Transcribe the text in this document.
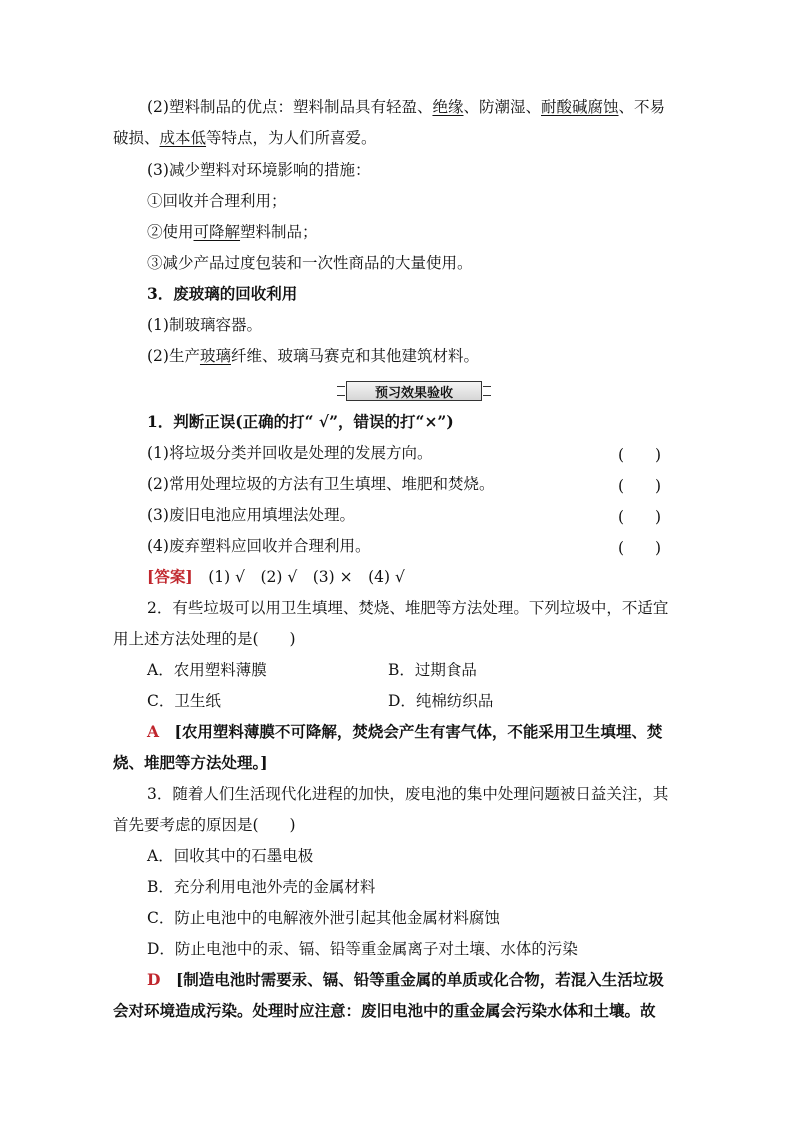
(2)塑料制品的优点：塑料制品具有轻盈、绝缘、防潮湿、耐酸碱腐蚀、不易
破损、成本低等特点，为人们所喜爱。
(3)减少塑料对环境影响的措施：
①回收并合理利用；
②使用可降解塑料制品；
③减少产品过度包装和一次性商品的大量使用。
3．废玻璃的回收利用
(1)制玻璃容器。
(2)生产玻璃纤维、玻璃马赛克和其他建筑材料。
预习效果验收
1．判断正误(正确的打“ √”，错误的打“×”)
(1)将垃圾分类并回收是处理的发展方向。	(　　)
(2)常用处理垃圾的方法有卫生填埋、堆肥和焚烧。	(　　)
(3)废旧电池应用填埋法处理。	(　　)
(4)废弃塑料应回收并合理利用。	(　　)
[答案]　 (1) √　(2) √　(3) ×　(4) √
2．有些垃圾可以用卫生填埋、焚烧、堆肥等方法处理。下列垃圾中，不适宜
用上述方法处理的是(　　)
A．农用塑料薄膜	B．过期食品
C．卫生纸	D．纯棉纺织品
A　 [农用塑料薄膜不可降解，焚烧会产生有害气体，不能采用卫生填埋、焚
烧、堆肥等方法处理。]
3．随着人们生活现代化进程的加快，废电池的集中处理问题被日益关注，其
首先要考虑的原因是(　　)
A．回收其中的石墨电极
B．充分利用电池外壳的金属材料
C．防止电池中的电解液外泄引起其他金属材料腐蚀
D．防止电池中的汞、镉、铅等重金属离子对土壤、水体的污染
D　 [制造电池时需要汞、镉、铅等重金属的单质或化合物，若混入生活垃圾
会对环境造成污染。处理时应注意：废旧电池中的重金属会污染水体和土壤。故
